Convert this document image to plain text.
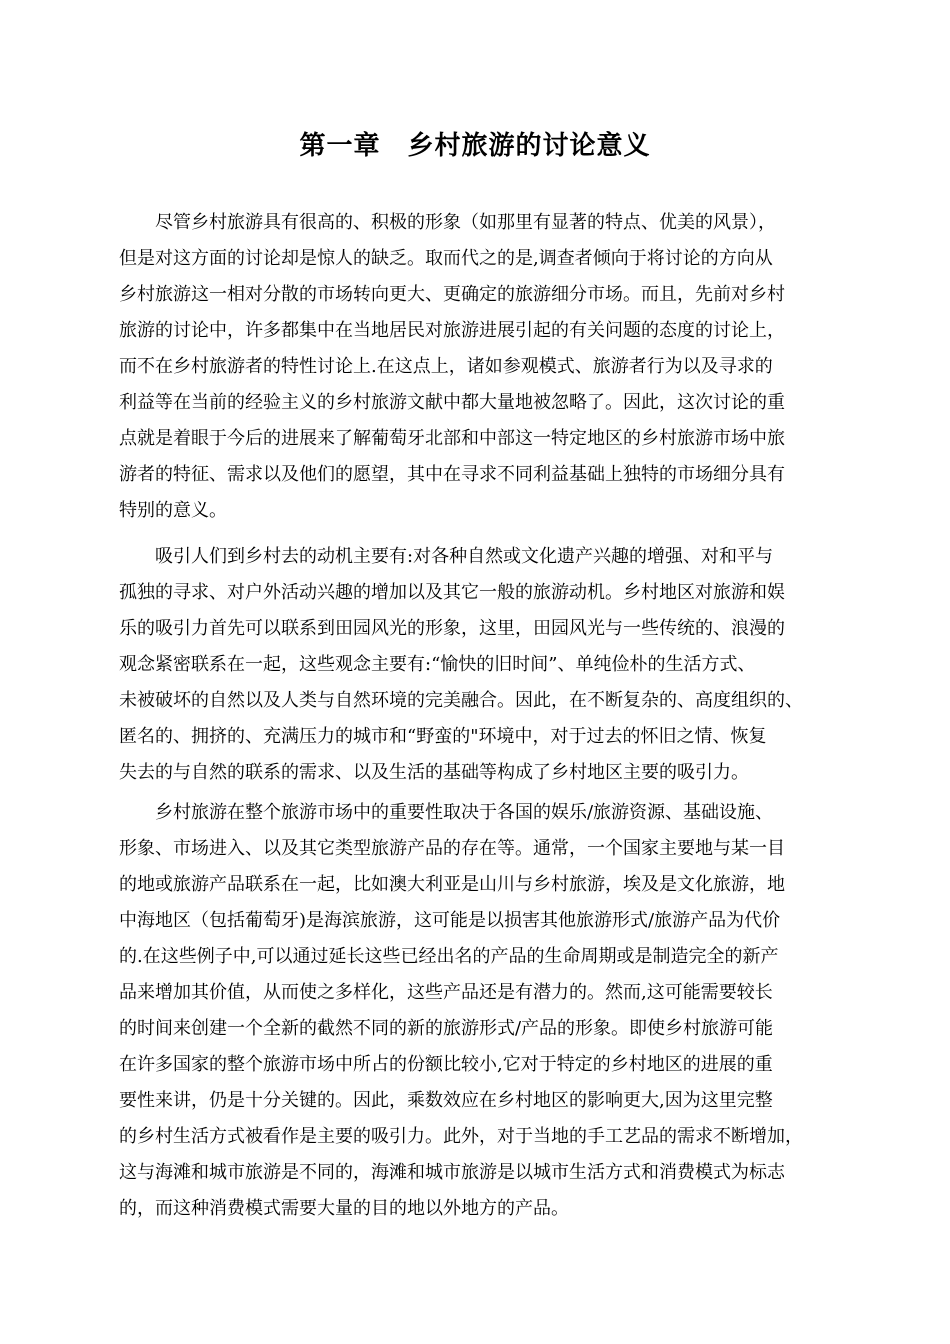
第一章　乡村旅游的讨论意义
尽管乡村旅游具有很高的、积极的形象（如那里有显著的特点、优美的风景），
但是对这方面的讨论却是惊人的缺乏。取而代之的是,调查者倾向于将讨论的方向从
乡村旅游这一相对分散的市场转向更大、更确定的旅游细分市场。而且，先前对乡村
旅游的讨论中，许多都集中在当地居民对旅游进展引起的有关问题的态度的讨论上，
而不在乡村旅游者的特性讨论上.在这点上，诸如参观模式、旅游者行为以及寻求的
利益等在当前的经验主义的乡村旅游文献中都大量地被忽略了。因此，这次讨论的重
点就是着眼于今后的进展来了解葡萄牙北部和中部这一特定地区的乡村旅游市场中旅
游者的特征、需求以及他们的愿望，其中在寻求不同利益基础上独特的市场细分具有
特别的意义。
吸引人们到乡村去的动机主要有:对各种自然或文化遗产兴趣的增强、对和平与
孤独的寻求、对户外活动兴趣的增加以及其它一般的旅游动机。乡村地区对旅游和娱
乐的吸引力首先可以联系到田园风光的形象，这里，田园风光与一些传统的、浪漫的
观念紧密联系在一起，这些观念主要有:“愉快的旧时间”、单纯俭朴的生活方式、
未被破坏的自然以及人类与自然环境的完美融合。因此，在不断复杂的、高度组织的、
匿名的、拥挤的、充满压力的城市和“野蛮的"环境中，对于过去的怀旧之情、恢复
失去的与自然的联系的需求、以及生活的基础等构成了乡村地区主要的吸引力。
乡村旅游在整个旅游市场中的重要性取决于各国的娱乐/旅游资源、基础设施、
形象、市场进入、以及其它类型旅游产品的存在等。通常，一个国家主要地与某一目
的地或旅游产品联系在一起，比如澳大利亚是山川与乡村旅游，埃及是文化旅游，地
中海地区（包括葡萄牙)是海滨旅游，这可能是以损害其他旅游形式/旅游产品为代价
的.在这些例子中,可以通过延长这些已经出名的产品的生命周期或是制造完全的新产
品来增加其价值，从而使之多样化，这些产品还是有潜力的。然而,这可能需要较长
的时间来创建一个全新的截然不同的新的旅游形式/产品的形象。即使乡村旅游可能
在许多国家的整个旅游市场中所占的份额比较小,它对于特定的乡村地区的进展的重
要性来讲，仍是十分关键的。因此，乘数效应在乡村地区的影响更大,因为这里完整
的乡村生活方式被看作是主要的吸引力。此外，对于当地的手工艺品的需求不断增加，
这与海滩和城市旅游是不同的，海滩和城市旅游是以城市生活方式和消费模式为标志
的，而这种消费模式需要大量的目的地以外地方的产品。
